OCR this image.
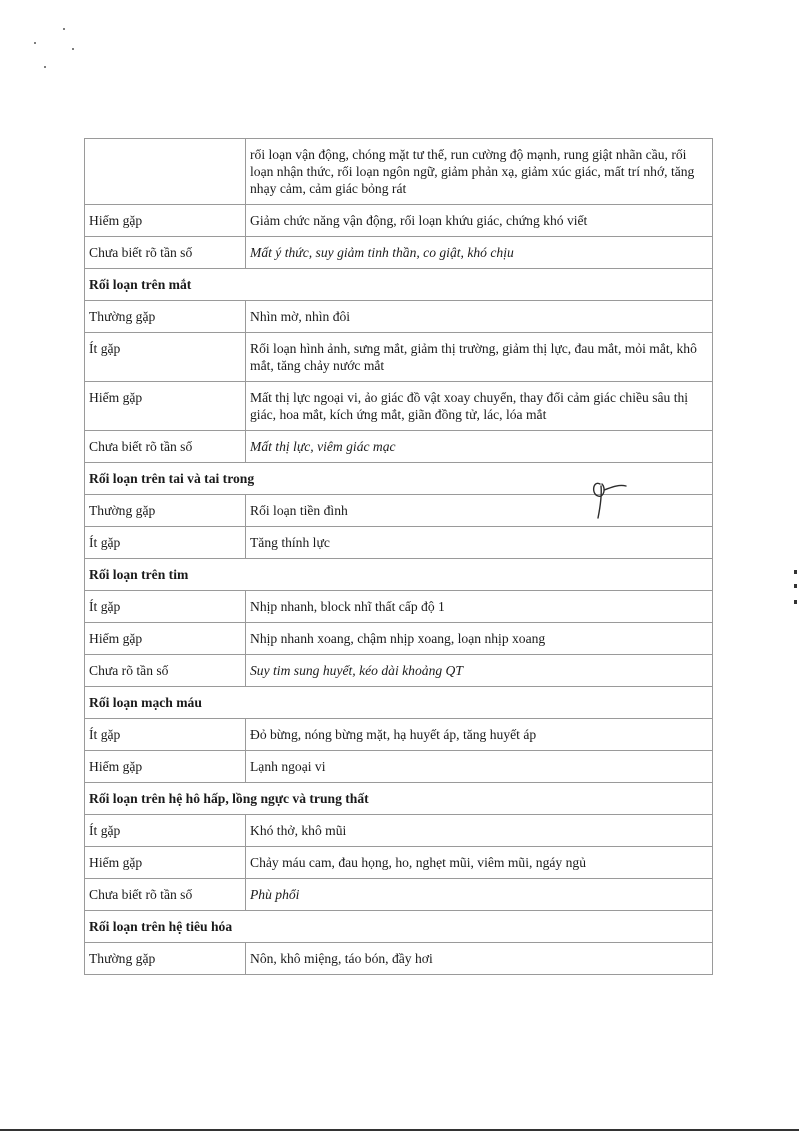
	rối loạn vận động, chóng mặt tư thế, run cường độ mạnh, rung giật nhãn cầu, rối loạn nhận thức, rối loạn ngôn ngữ, giảm phản xạ, giảm xúc giác, mất trí nhớ, tăng nhạy cảm, cảm giác bỏng rát
Hiếm gặp	Giảm chức năng vận động, rối loạn khứu giác, chứng khó viết
Chưa biết rõ tần số	Mất ý thức, suy giảm tinh thần, co giật, khó chịu
Rối loạn trên mắt	
Thường gặp	Nhìn mờ, nhìn đôi
Ít gặp	Rối loạn hình ảnh, sưng mắt, giảm thị trường, giảm thị lực, đau mắt, mỏi mắt, khô mắt, tăng chảy nước mắt
Hiếm gặp	Mất thị lực ngoại vi, ảo giác đồ vật xoay chuyển, thay đổi cảm giác chiều sâu thị giác, hoa mắt, kích ứng mắt, giãn đồng tử, lác, lóa mắt
Chưa biết rõ tần số	Mất thị lực, viêm giác mạc
Rối loạn trên tai và tai trong	
Thường gặp	Rối loạn tiền đình
Ít gặp	Tăng thính lực
Rối loạn trên tim	
Ít gặp	Nhịp nhanh, block nhĩ thất cấp độ 1
Hiếm gặp	Nhịp nhanh xoang, chậm nhịp xoang, loạn nhịp xoang
Chưa rõ tần số	Suy tim sung huyết, kéo dài khoảng QT
Rối loạn mạch máu	
Ít gặp	Đỏ bừng, nóng bừng mặt, hạ huyết áp, tăng huyết áp
Hiếm gặp	Lạnh ngoại vi
Rối loạn trên hệ hô hấp, lồng ngực và trung thất	
Ít gặp	Khó thở, khô mũi
Hiếm gặp	Chảy máu cam, đau họng, ho, nghẹt mũi, viêm mũi, ngáy ngủ
Chưa biết rõ tần số	Phù phổi
Rối loạn trên hệ tiêu hóa	
Thường gặp	Nôn, khô miệng, táo bón, đầy hơi
